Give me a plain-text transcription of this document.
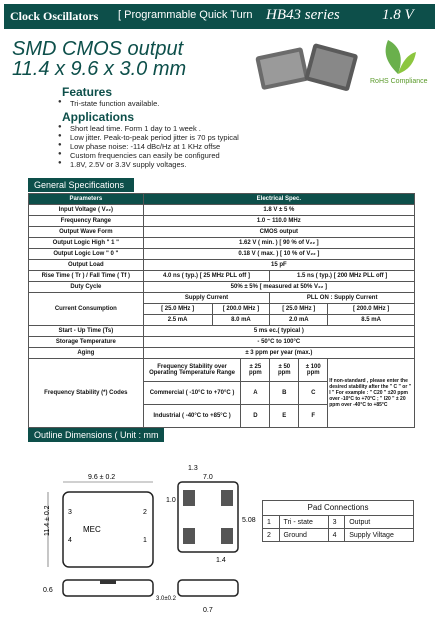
Clock Oscillators [ Programmable Quick Turn HB43 series	1.8 V
SMD CMOS output
11.4 x 9.6 x 3.0 mm
RoHS Compliance
Features
● Tri-state function available.
Applications
● Short lead time. Form 1 day to 1 week .
● Low jitter. Peak-to-peak period jitter is 70 ps typical
● Low phase noise: -114 dBc/Hz at 1 KHz offse
● Custom frequencies can easily be configured
● 1.8V, 2.5V or 3.3V supply voltages.
General Specifications
Parameters	Electrical Spec.					
Input Voltage ( V₂₂)	1.8 V ± 5 %					
Frequency Range	1.0 ~ 110.0 MHz					
Output Wave Form	CMOS output					
Output Logic High " 1 "	1.62 V ( min. ) [ 90 % of V₂₂ ]					
Output Logic Low " 0 "	0.18 V ( max. ) [ 10 % of V₂₂ ]					
Output Load	15 pF					
Rise Time ( Tr ) / Fall Time ( Tf )	4.0 ns ( typ.) [ 25 MHz PLL off ]			1.5 ns ( typ.) [ 200 MHz PLL off ]		
Duty Cycle	50% ± 5% [ measured at 50% V₂₂ ]					
Current Consumption	Supply Current			PLL ON : Supply Current		
	[ 25.0 MHz ]	[ 200.0 MHz ]		[ 25.0 MHz ]		[ 200.0 MHz ]
	2.5 mA	8.0 mA		2.0 mA		8.5 mA
Start - Up Time (Ts)	5 ms ec.( typical )					
Storage Temperature	- 50°C to 100°C					
Aging	± 3 ppm per year (max.)					
Frequency Stability (*) Codes	Frequency Stability over Operating Temperature Range		± 25 ppm	± 50 ppm	± 100 ppm	If non-standard , please enter the desired stability after the " C " or " I " For example : " C20 " ±20 ppm over -10°C to +70°C ; " I20 " ± 20 ppm over -40°C to +85°C
	Commercial ( -10°C to +70°C )		A	B	C	
	Industrial ( -40°C to +85°C )		D	E	F	
Outline Dimensions ( Unit : mm )
9.6 ± 0.2
11.4 ± 0.2	MEC
3	2
4	1
1.3
7.0
1.0
5.08
1.4
0.6
3.0±0.2
0.7
Pad Connections
1	Tri - state	3	Output
2	Ground	4	Supply Viltage
